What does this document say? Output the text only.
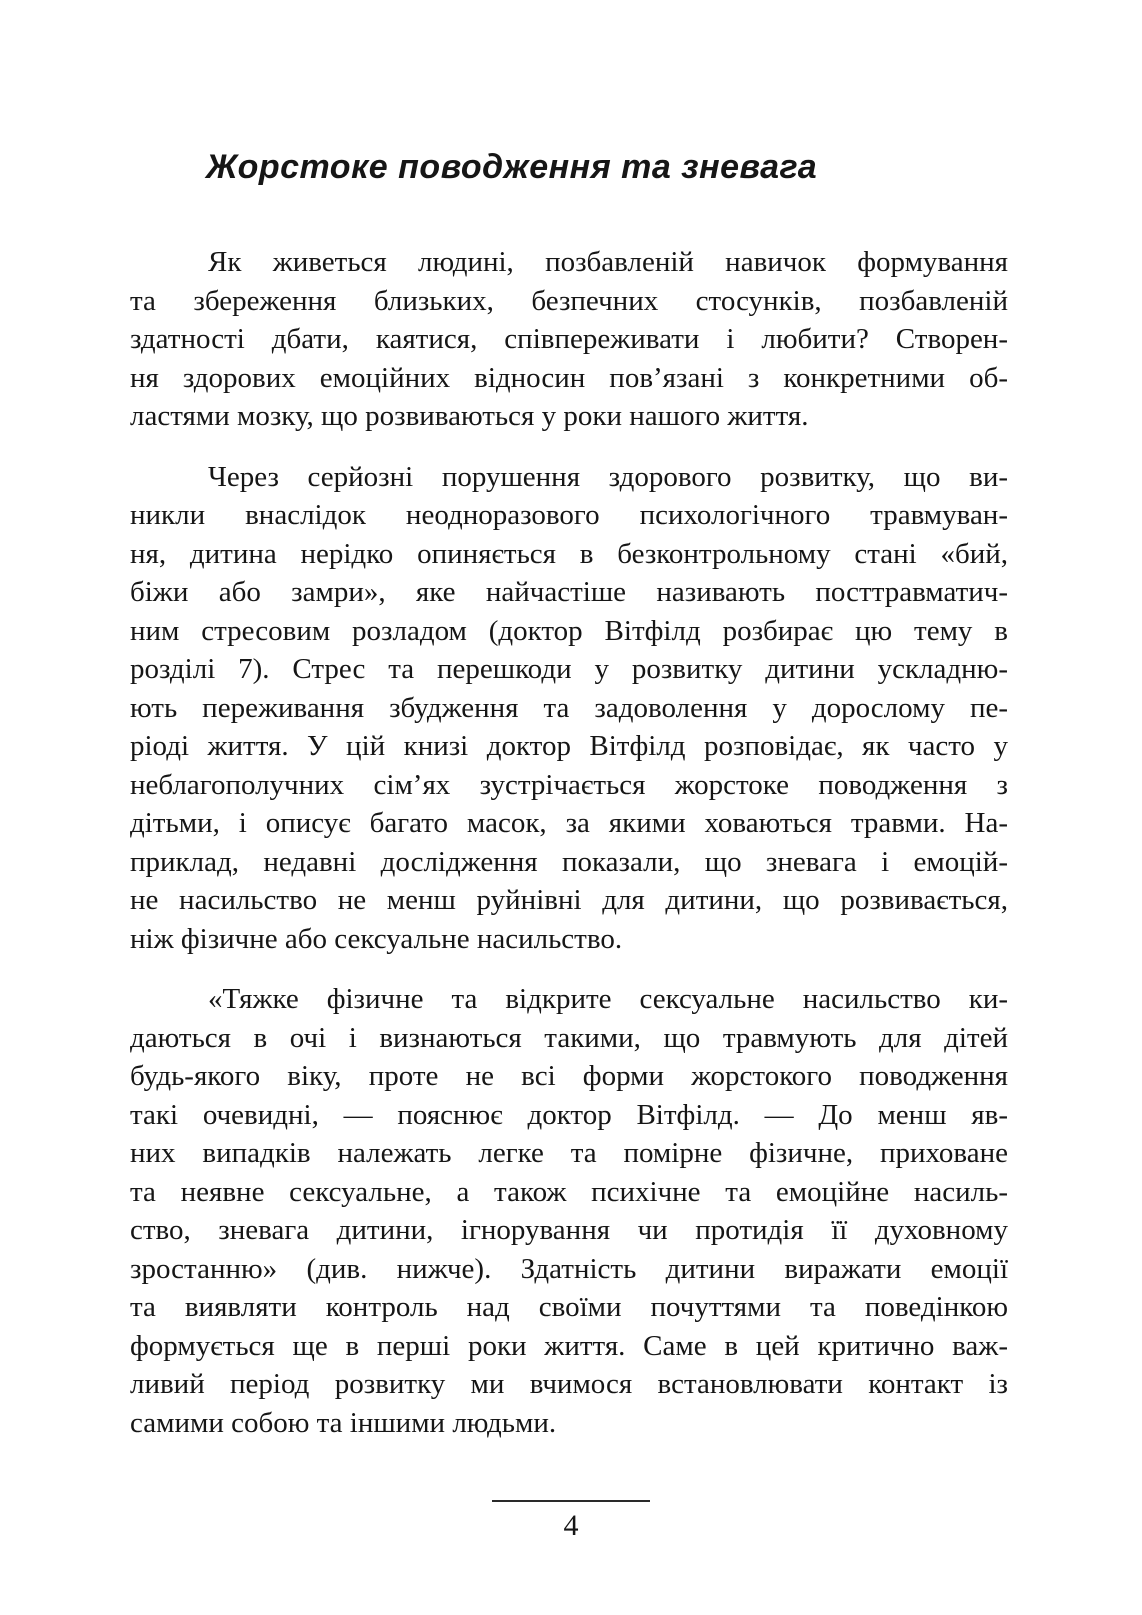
Жорстоке поводження та зневага
Як живеться людині, позбавленій навичок формування
та збереження близьких, безпечних стосунків, позбавленій
здатності дбати, каятися, співпереживати і любити? Створен-
ня здорових емоційних відносин пов’язані з конкретними об-
ластями мозку, що розвиваються у роки нашого життя.
Через серйозні порушення здорового розвитку, що ви-
никли внаслідок неодноразового психологічного травмуван-
ня, дитина нерідко опиняється в безконтрольному стані «бий,
біжи або замри», яке найчастіше називають посттравматич-
ним стресовим розладом (доктор Вітфілд розбирає цю тему в
розділі 7). Стрес та перешкоди у розвитку дитини ускладню-
ють переживання збудження та задоволення у дорослому пе-
ріоді життя. У цій книзі доктор Вітфілд розповідає, як часто у
неблагополучних сім’ях зустрічається жорстоке поводження з
дітьми, і описує багато масок, за якими ховаються травми. На-
приклад, недавні дослідження показали, що зневага і емоцій-
не насильство не менш руйнівні для дитини, що розвивається,
ніж фізичне або сексуальне насильство.
«Тяжке фізичне та відкрите сексуальне насильство ки-
даються в очі і визнаються такими, що травмують для дітей
будь-якого віку, проте не всі форми жорстокого поводження
такі очевидні, — пояснює доктор Вітфілд. — До менш яв-
них випадків належать легке та помірне фізичне, приховане
та неявне сексуальне, а також психічне та емоційне насиль-
ство, зневага дитини, ігнорування чи протидія її духовному
зростанню» (див. нижче). Здатність дитини виражати емоції
та виявляти контроль над своїми почуттями та поведінкою
формується ще в перші роки життя. Саме в цей критично важ-
ливий період розвитку ми вчимося встановлювати контакт із
самими собою та іншими людьми.
4
